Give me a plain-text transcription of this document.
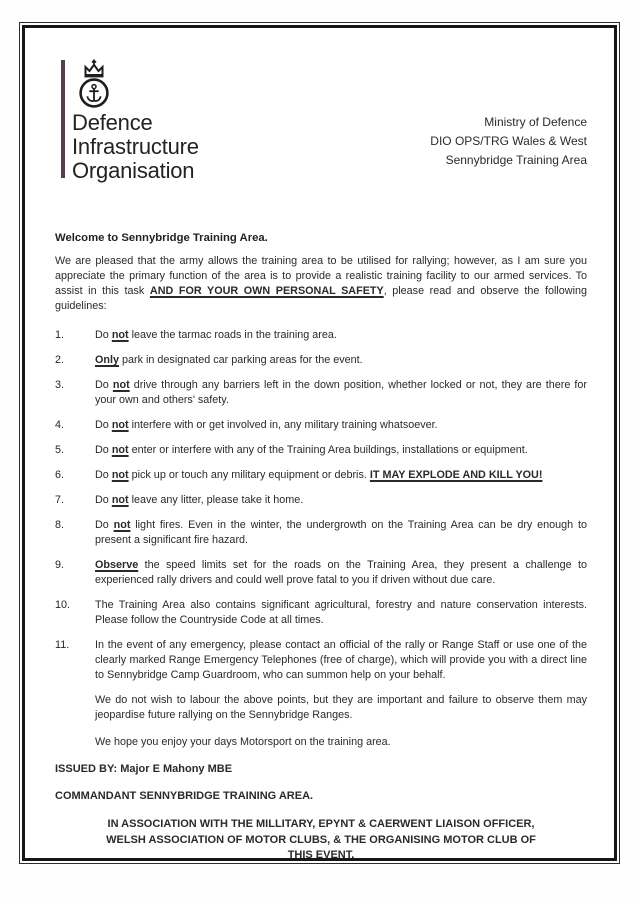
Defence
Infrastructure
Organisation
Ministry of Defence
DIO OPS/TRG Wales & West
Sennybridge Training Area
Welcome to Sennybridge Training Area.

We are pleased that the army allows the training area to be utilised for rallying; however, as I am sure you appreciate the primary function of the area is to provide a realistic training facility to our armed services. To assist in this task AND FOR YOUR OWN PERSONAL SAFETY, please read and observe the following guidelines:

1.	Do not leave the tarmac roads in the training area.
2.	Only park in designated car parking areas for the event.
3.	Do not drive through any barriers left in the down position, whether locked or not, they are there for your own and others' safety.
4.	Do not interfere with or get involved in, any military training whatsoever.
5.	Do not enter or interfere with any of the Training Area buildings, installations or equipment.
6.	Do not pick up or touch any military equipment or debris. IT MAY EXPLODE AND KILL YOU!
7.	Do not leave any litter, please take it home.
8.	Do not light fires. Even in the winter, the undergrowth on the Training Area can be dry enough to present a significant fire hazard.
9.	Observe the speed limits set for the roads on the Training Area, they present a challenge to experienced rally drivers and could well prove fatal to you if driven without due care.
10.	The Training Area also contains significant agricultural, forestry and nature conservation interests. Please follow the Countryside Code at all times.
11.	In the event of any emergency, please contact an official of the rally or Range Staff or use one of the clearly marked Range Emergency Telephones (free of charge), which will provide you with a direct line to Sennybridge Camp Guardroom, who can summon help on your behalf.

We do not wish to labour the above points, but they are important and failure to observe them may jeopardise future rallying on the Sennybridge Ranges.

We hope you enjoy your days Motorsport on the training area.

ISSUED BY: Major E Mahony MBE

COMMANDANT SENNYBRIDGE TRAINING AREA.

IN ASSOCIATION WITH THE MILLITARY, EPYNT & CAERWENT LIAISON OFFICER, WELSH ASSOCIATION OF MOTOR CLUBS, & THE ORGANISING MOTOR CLUB OF THIS EVENT.
